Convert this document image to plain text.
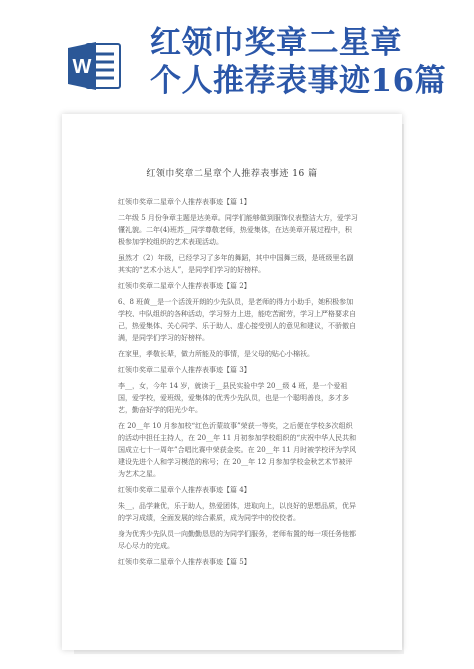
W
红领巾奖章二星章
个人推荐表事迹16篇
红领巾奖章二星章个人推荐表事迹 16 篇

红领巾奖章二星章个人推荐表事迹【篇 1】

二年级 5 月份争章主题是达美章。同学们能够做到服饰仪表整洁大方，爱学习懂礼貌。二年(4)班苏__同学尊敬老师，热爱集体，在达美章开展过程中，积极参加学校组织的艺术表现活动。

虽然才（2）年级，已经学习了多年的舞蹈，其中中国舞三级，是班级里名副其实的“艺术小达人”，是同学们学习的好榜样。

红领巾奖章二星章个人推荐表事迹【篇 2】

6、8 班黄__是一个活泼开朗的少先队员，是老师的得力小助手，她积极参加学校、中队组织的各种活动，学习努力上进，能吃苦耐劳，学习上严格要求自己，热爱集体、关心同学、乐于助人、虚心接受别人的意见和建议，不骄傲自满，是同学们学习的好榜样。

在家里，孝敬长辈，做力所能及的事情，是父母的贴心小棉袄。

红领巾奖章二星章个人推荐表事迹【篇 3】

李__，女，今年 14 岁，就读于__县民实验中学 20__级 4 班，是一个爱祖国，爱学校，爱班级，爱集体的优秀少先队员，也是一个聪明善良，多才多艺，勤奋好学的阳光少年。

在 20__年 10 月参加校“红色沂蒙故事”荣获一等奖，之后便在学校多次组织的活动中担任主持人，在 20__年 11 月初参加学校组织的“庆祝中华人民共和国成立七十一周年”合唱比赛中荣获金奖。在 20__年 11 月时被学校评为学风建设先进个人和学习模范的称号；在 20__年 12 月参加学校金秋艺术节被评为艺术之星。

红领巾奖章二星章个人推荐表事迹【篇 4】

朱__，品学兼优，乐于助人，热爱团体，进取向上，以良好的思想品质，优异的学习成绩，全面发展的综合素质，成为同学中的佼佼者。

身为优秀少先队员一向勤勤恳恳的为同学们服务，老师布置的每一项任务他都尽心尽力的完成。

红领巾奖章二星章个人推荐表事迹【篇 5】
